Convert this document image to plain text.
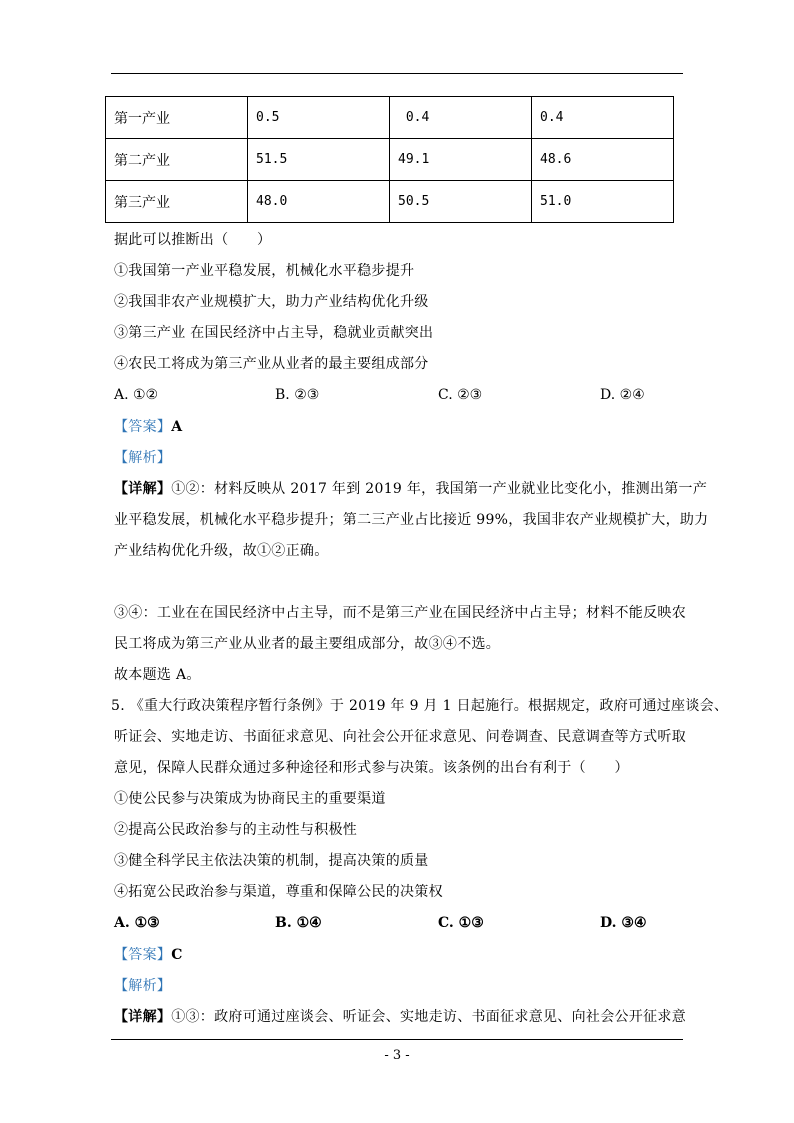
第一产业	0.5	0.4	0.4
第二产业	51.5	49.1	48.6
第三产业	48.0	50.5	51.0
据此可以推断出（　　）
①我国第一产业平稳发展，机械化水平稳步提升
②我国非农产业规模扩大，助力产业结构优化升级
③第三产业 在国民经济中占主导，稳就业贡献突出
④农民工将成为第三产业从业者的最主要组成部分
A. ①②	B. ②③	C. ②③	D. ②④
【答案】A
【解析】
【详解】①②：材料反映从 2017 年到 2019 年，我国第一产业就业比变化小，推测出第一产
业平稳发展，机械化水平稳步提升；第二三产业占比接近 99%，我国非农产业规模扩大，助力
产业结构优化升级，故①②正确。
③④：工业在在国民经济中占主导，而不是第三产业在国民经济中占主导；材料不能反映农
民工将成为第三产业从业者的最主要组成部分，故③④不选。
故本题选 A。
5. 《重大行政决策程序暂行条例》于 2019 年 9 月 1 日起施行。根据规定，政府可通过座谈会、
听证会、实地走访、书面征求意见、向社会公开征求意见、问卷调查、民意调查等方式听取
意见，保障人民群众通过多种途径和形式参与决策。该条例的出台有利于（　　）
①使公民参与决策成为协商民主的重要渠道
②提高公民政治参与的主动性与积极性
③健全科学民主依法决策的机制，提高决策的质量
④拓宽公民政治参与渠道，尊重和保障公民的决策权
A. ①③	B. ①④	C. ①③	D. ③④
【答案】C
【解析】
【详解】①③：政府可通过座谈会、听证会、实地走访、书面征求意见、向社会公开征求意
- 3 -
